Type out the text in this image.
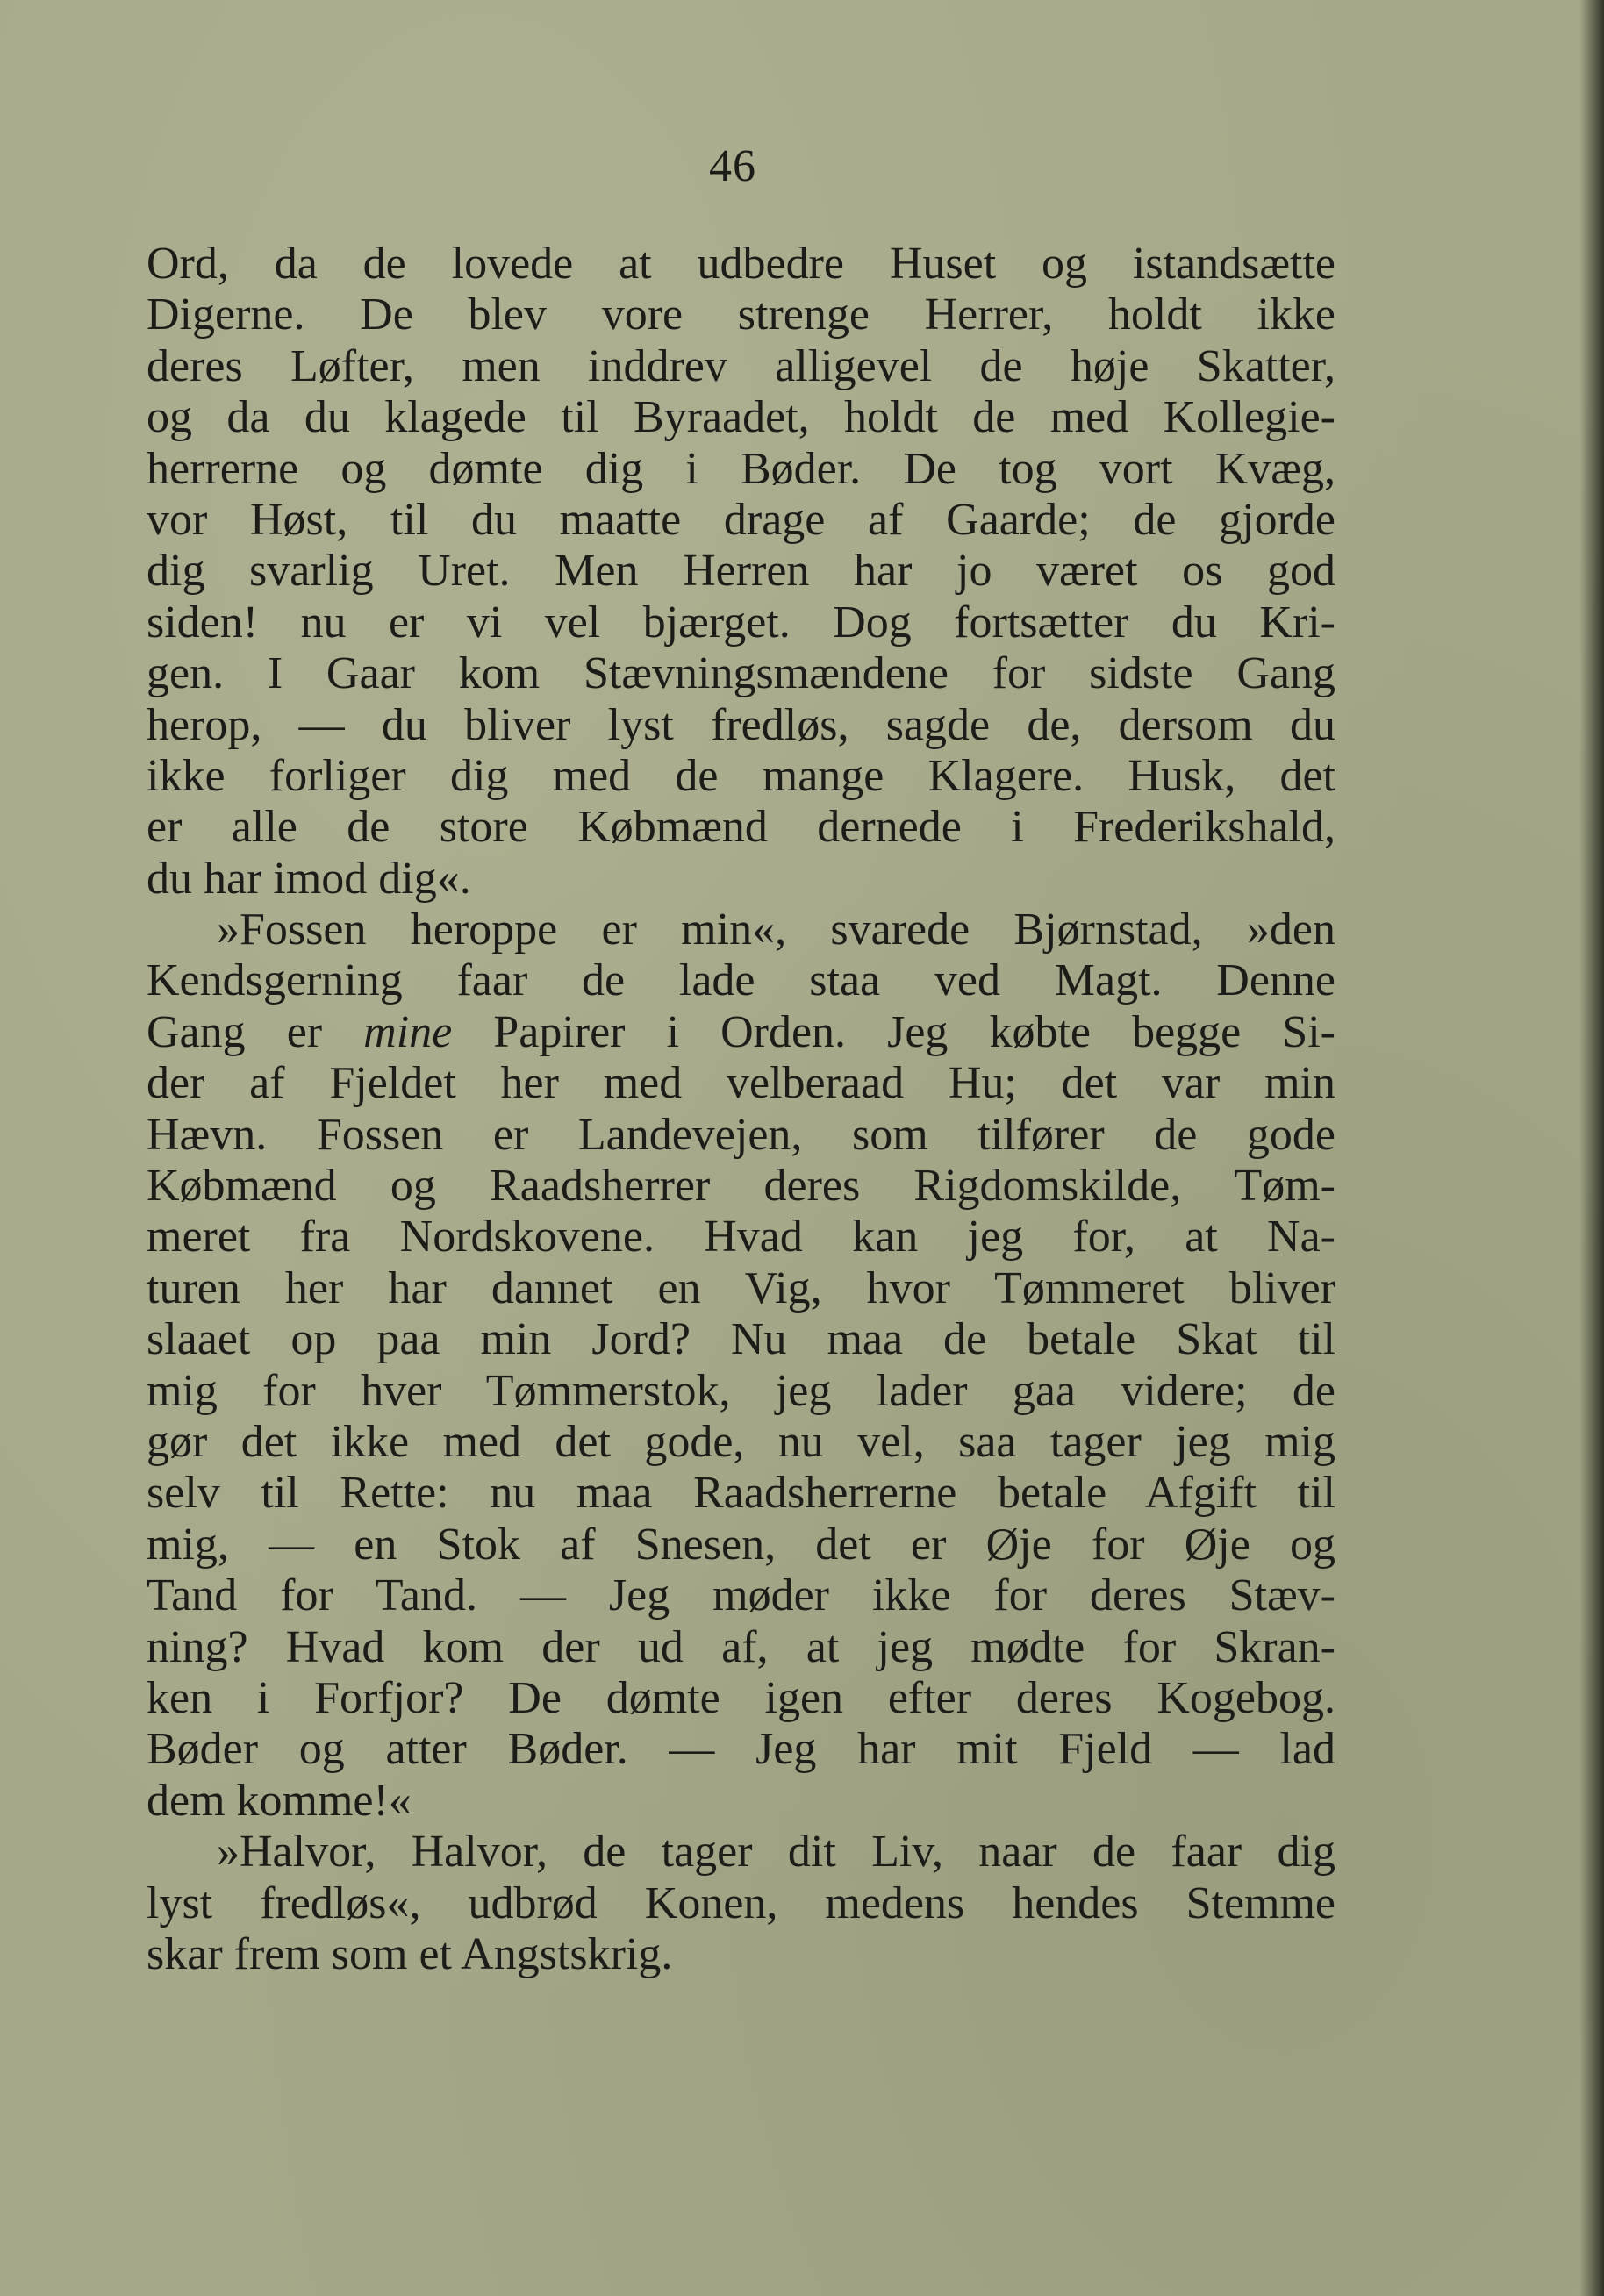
46
Ord, da de lovede at udbedre Huset og istandsætte
Digerne. De blev vore strenge Herrer, holdt ikke
deres Løfter, men inddrev alligevel de høje Skatter,
og da du klagede til Byraadet, holdt de med Kollegie-
herrerne og dømte dig i Bøder. De tog vort Kvæg,
vor Høst, til du maatte drage af Gaarde; de gjorde
dig svarlig Uret. Men Herren har jo været os god
siden! nu er vi vel bjærget. Dog fortsætter du Kri-
gen. I Gaar kom Stævningsmændene for sidste Gang
herop, — du bliver lyst fredløs, sagde de, dersom du
ikke forliger dig med de mange Klagere. Husk, det
er alle de store Købmænd dernede i Frederikshald,
du har imod dig«.
»Fossen heroppe er min«, svarede Bjørnstad, »den
Kendsgerning faar de lade staa ved Magt. Denne
Gang er mine Papirer i Orden. Jeg købte begge Si-
der af Fjeldet her med velberaad Hu; det var min
Hævn. Fossen er Landevejen, som tilfører de gode
Købmænd og Raadsherrer deres Rigdomskilde, Tøm-
meret fra Nordskovene. Hvad kan jeg for, at Na-
turen her har dannet en Vig, hvor Tømmeret bliver
slaaet op paa min Jord? Nu maa de betale Skat til
mig for hver Tømmerstok, jeg lader gaa videre; de
gør det ikke med det gode, nu vel, saa tager jeg mig
selv til Rette: nu maa Raadsherrerne betale Afgift til
mig, — en Stok af Snesen, det er Øje for Øje og
Tand for Tand. — Jeg møder ikke for deres Stæv-
ning? Hvad kom der ud af, at jeg mødte for Skran-
ken i Forfjor? De dømte igen efter deres Kogebog.
Bøder og atter Bøder. — Jeg har mit Fjeld — lad
dem komme!«
»Halvor, Halvor, de tager dit Liv, naar de faar dig
lyst fredløs«, udbrød Konen, medens hendes Stemme
skar frem som et Angstskrig.
